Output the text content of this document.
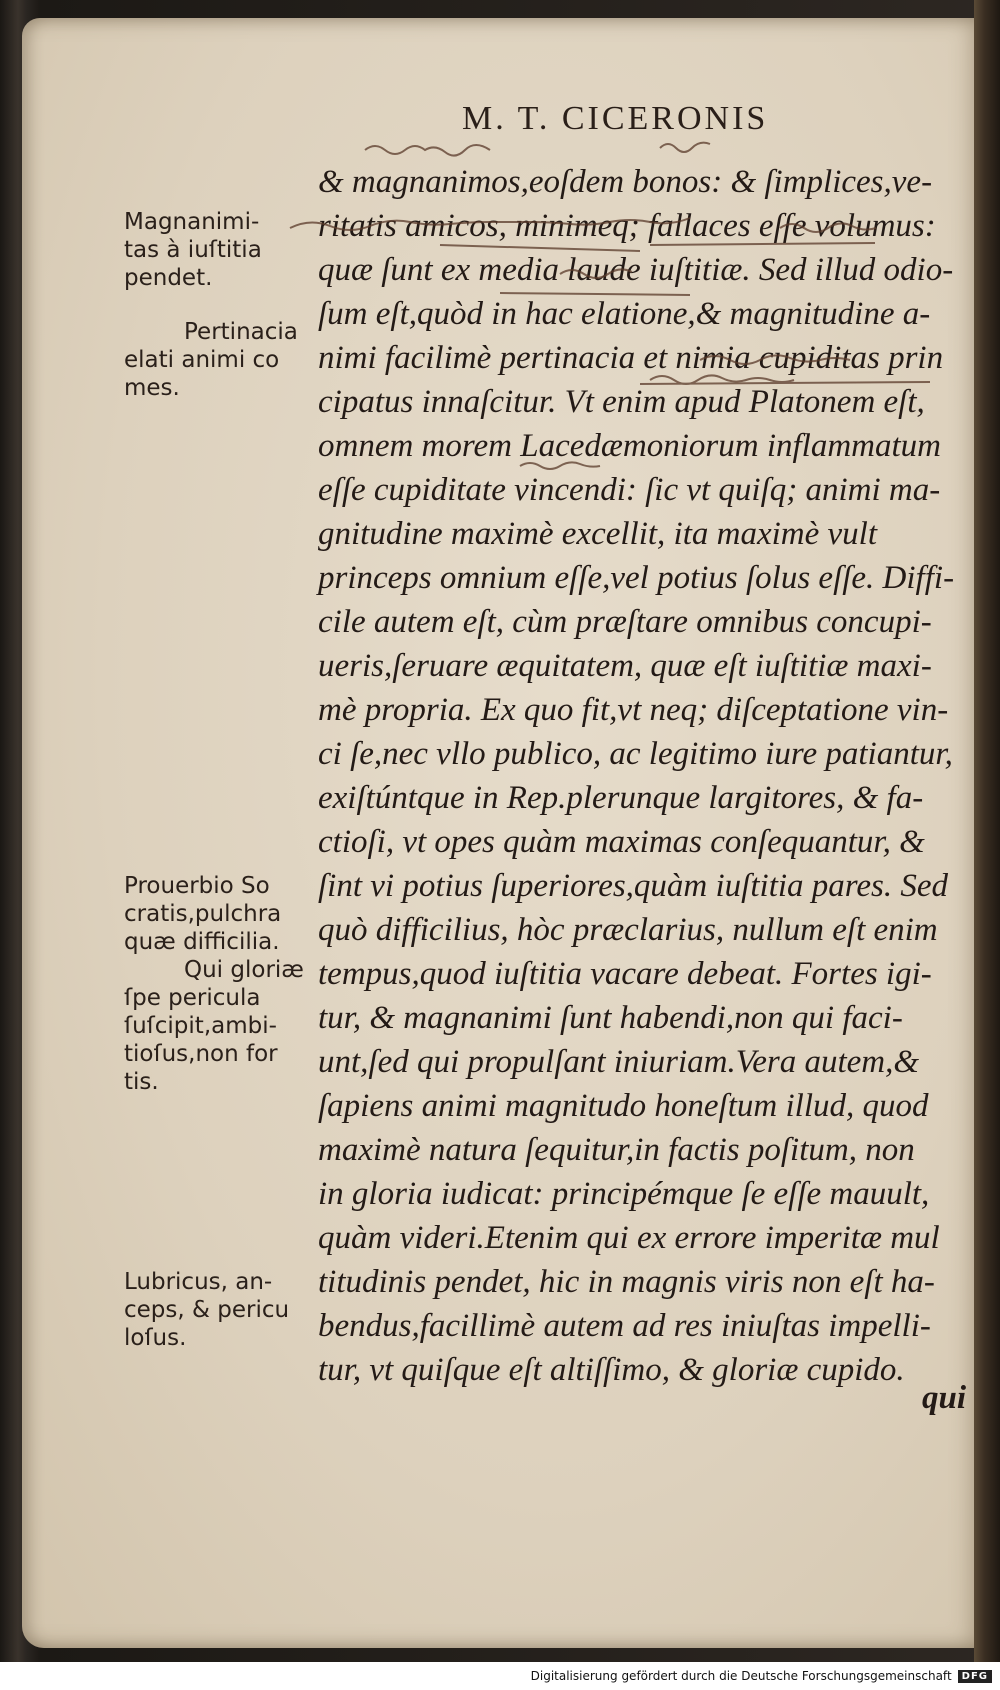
M. T. CICERONIS
& magnanimos,eoſdem bonos: & ſimplices,ve-
ritatis amicos, minimeq; fallaces eſſe volumus:
quæ ſunt ex media laude iuſtitiæ. Sed illud odio-
ſum eſt,quòd in hac elatione,& magnitudine a-
nimi facilimè pertinacia et nimia cupiditas prin
cipatus innaſcitur. Vt enim apud Platonem eſt,
omnem morem Lacedæmoniorum inflammatum
eſſe cupiditate vincendi: ſic vt quiſq; animi ma-
gnitudine maximè excellit, ita maximè vult
princeps omnium eſſe,vel potius ſolus eſſe. Diffi-
cile autem eſt, cùm præſtare omnibus concupi-
ueris,ſeruare æquitatem, quæ eſt iuſtitiæ maxi-
mè propria. Ex quo fit,vt neq; diſceptatione vin-
ci ſe,nec vllo publico, ac legitimo iure patiantur,
exiſtúntque in Rep.plerunque largitores, & fa-
ctioſi, vt opes quàm maximas conſequantur, &
ſint vi potius ſuperiores,quàm iuſtitia pares. Sed
quò difficilius, hòc præclarius, nullum eſt enim
tempus,quod iuſtitia vacare debeat. Fortes igi-
tur, & magnanimi ſunt habendi,non qui faci-
unt,ſed qui propulſant iniuriam.Vera autem,&
ſapiens animi magnitudo honeſtum illud, quod
maximè natura ſequitur,in factis poſitum, non
in gloria iudicat: principémque ſe eſſe mauult,
quàm videri.Etenim qui ex errore imperitæ mul
titudinis pendet, hic in magnis viris non eſt ha-
bendus,facillimè autem ad res iniuſtas impelli-
tur, vt quiſque eſt altiſſimo, & gloriæ cupido.
qui
Magnanimi-
tas à iuſtitia
pendet.
Pertinacia
elati animi co
mes.
Prouerbio So
cratis,pulchra
quæ difficilia.
Qui gloriæ
ſpe pericula
ſuſcipit,ambi-
tioſus,non for
tis.
Lubricus, an-
ceps, & pericu
loſus.
Digitalisierung gefördert durch die Deutsche Forschungsgemeinschaft	DFG
